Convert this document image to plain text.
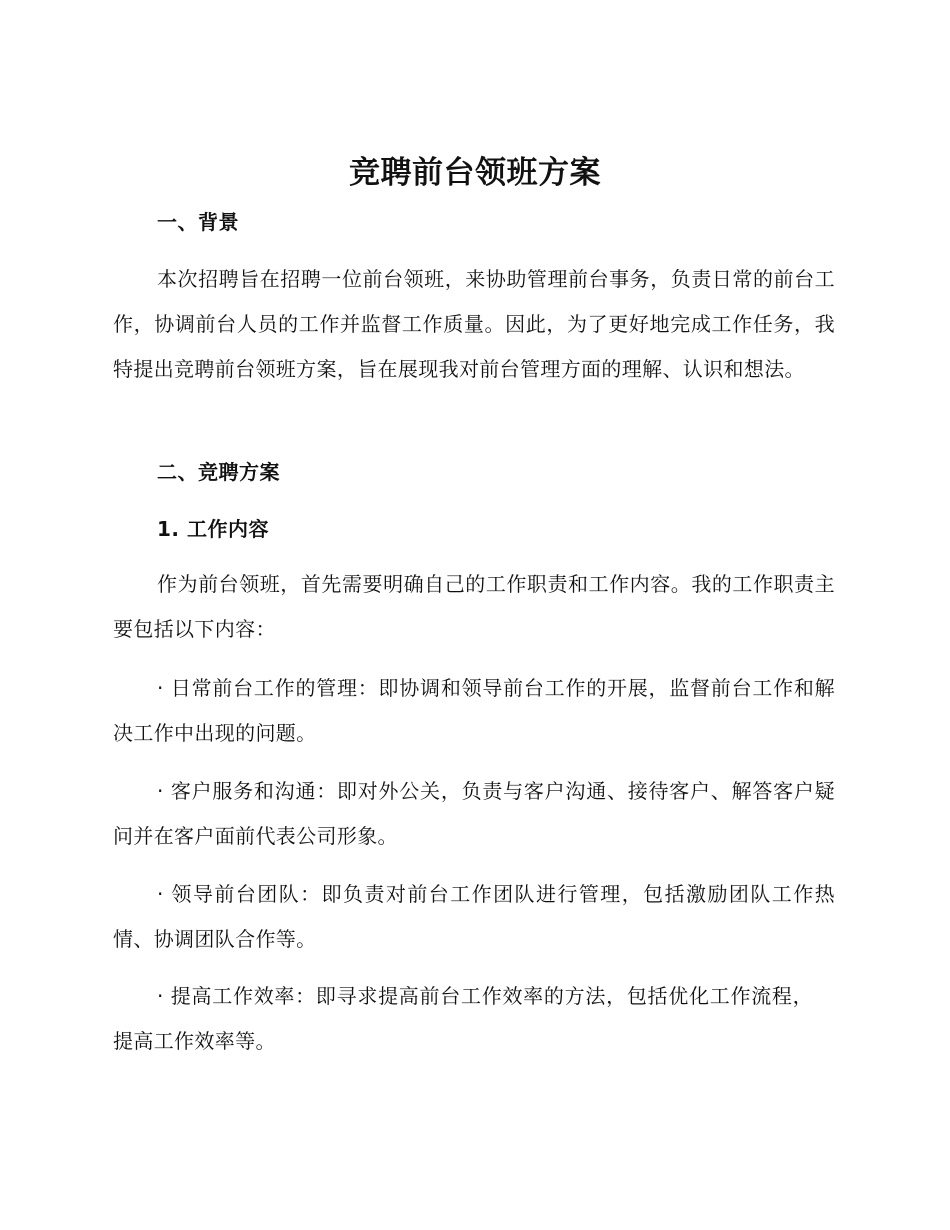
竞聘前台领班方案
一、背景
本次招聘旨在招聘一位前台领班，来协助管理前台事务，负责日常的前台工作，协调前台人员的工作并监督工作质量。因此，为了更好地完成工作任务，我特提出竞聘前台领班方案，旨在展现我对前台管理方面的理解、认识和想法。
二、竞聘方案
1. 工作内容
作为前台领班，首先需要明确自己的工作职责和工作内容。我的工作职责主要包括以下内容：
· 日常前台工作的管理：即协调和领导前台工作的开展，监督前台工作和解决工作中出现的问题。
· 客户服务和沟通：即对外公关，负责与客户沟通、接待客户、解答客户疑问并在客户面前代表公司形象。
· 领导前台团队：即负责对前台工作团队进行管理，包括激励团队工作热情、协调团队合作等。
· 提高工作效率：即寻求提高前台工作效率的方法，包括优化工作流程，提高工作效率等。
